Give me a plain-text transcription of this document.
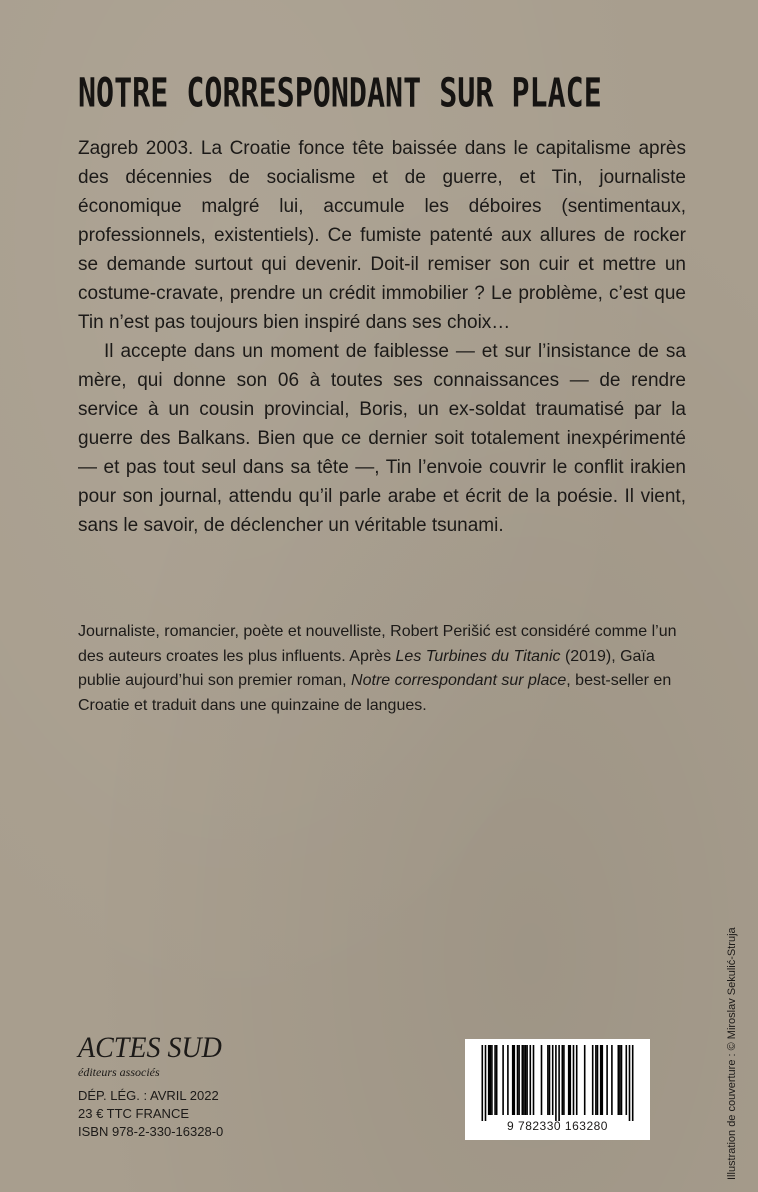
NOTRE CORRESPONDANT SUR PLACE

Zagreb 2003. La Croatie fonce tête baissée dans le capitalisme après des décennies de socialisme et de guerre, et Tin, journaliste économique malgré lui, accumule les déboires (sentimentaux, professionnels, existentiels). Ce fumiste patenté aux allures de rocker se demande surtout qui devenir. Doit-il remiser son cuir et mettre un costume-cravate, prendre un crédit immobilier ? Le problème, c’est que Tin n’est pas toujours bien inspiré dans ses choix…

Il accepte dans un moment de faiblesse — et sur l’insistance de sa mère, qui donne son 06 à toutes ses connaissances — de rendre service à un cousin provincial, Boris, un ex-soldat traumatisé par la guerre des Balkans. Bien que ce dernier soit totalement inexpérimenté — et pas tout seul dans sa tête —, Tin l’envoie couvrir le conflit irakien pour son journal, attendu qu’il parle arabe et écrit de la poésie. Il vient, sans le savoir, de déclencher un véritable tsunami.

Journaliste, romancier, poète et nouvelliste, Robert Perišić est considéré comme l’un des auteurs croates les plus influents. Après Les Turbines du Titanic (2019), Gaïa publie aujourd’hui son premier roman, Notre correspondant sur place, best-seller en Croatie et traduit dans une quinzaine de langues.
ACTES SUD
éditeurs associés
DÉP. LÉG. : AVRIL 2022
23 € TTC FRANCE
ISBN 978-2-330-16328-0	9 782330 163280	Illustration de couverture : © Miroslav Sekulić-Struja
